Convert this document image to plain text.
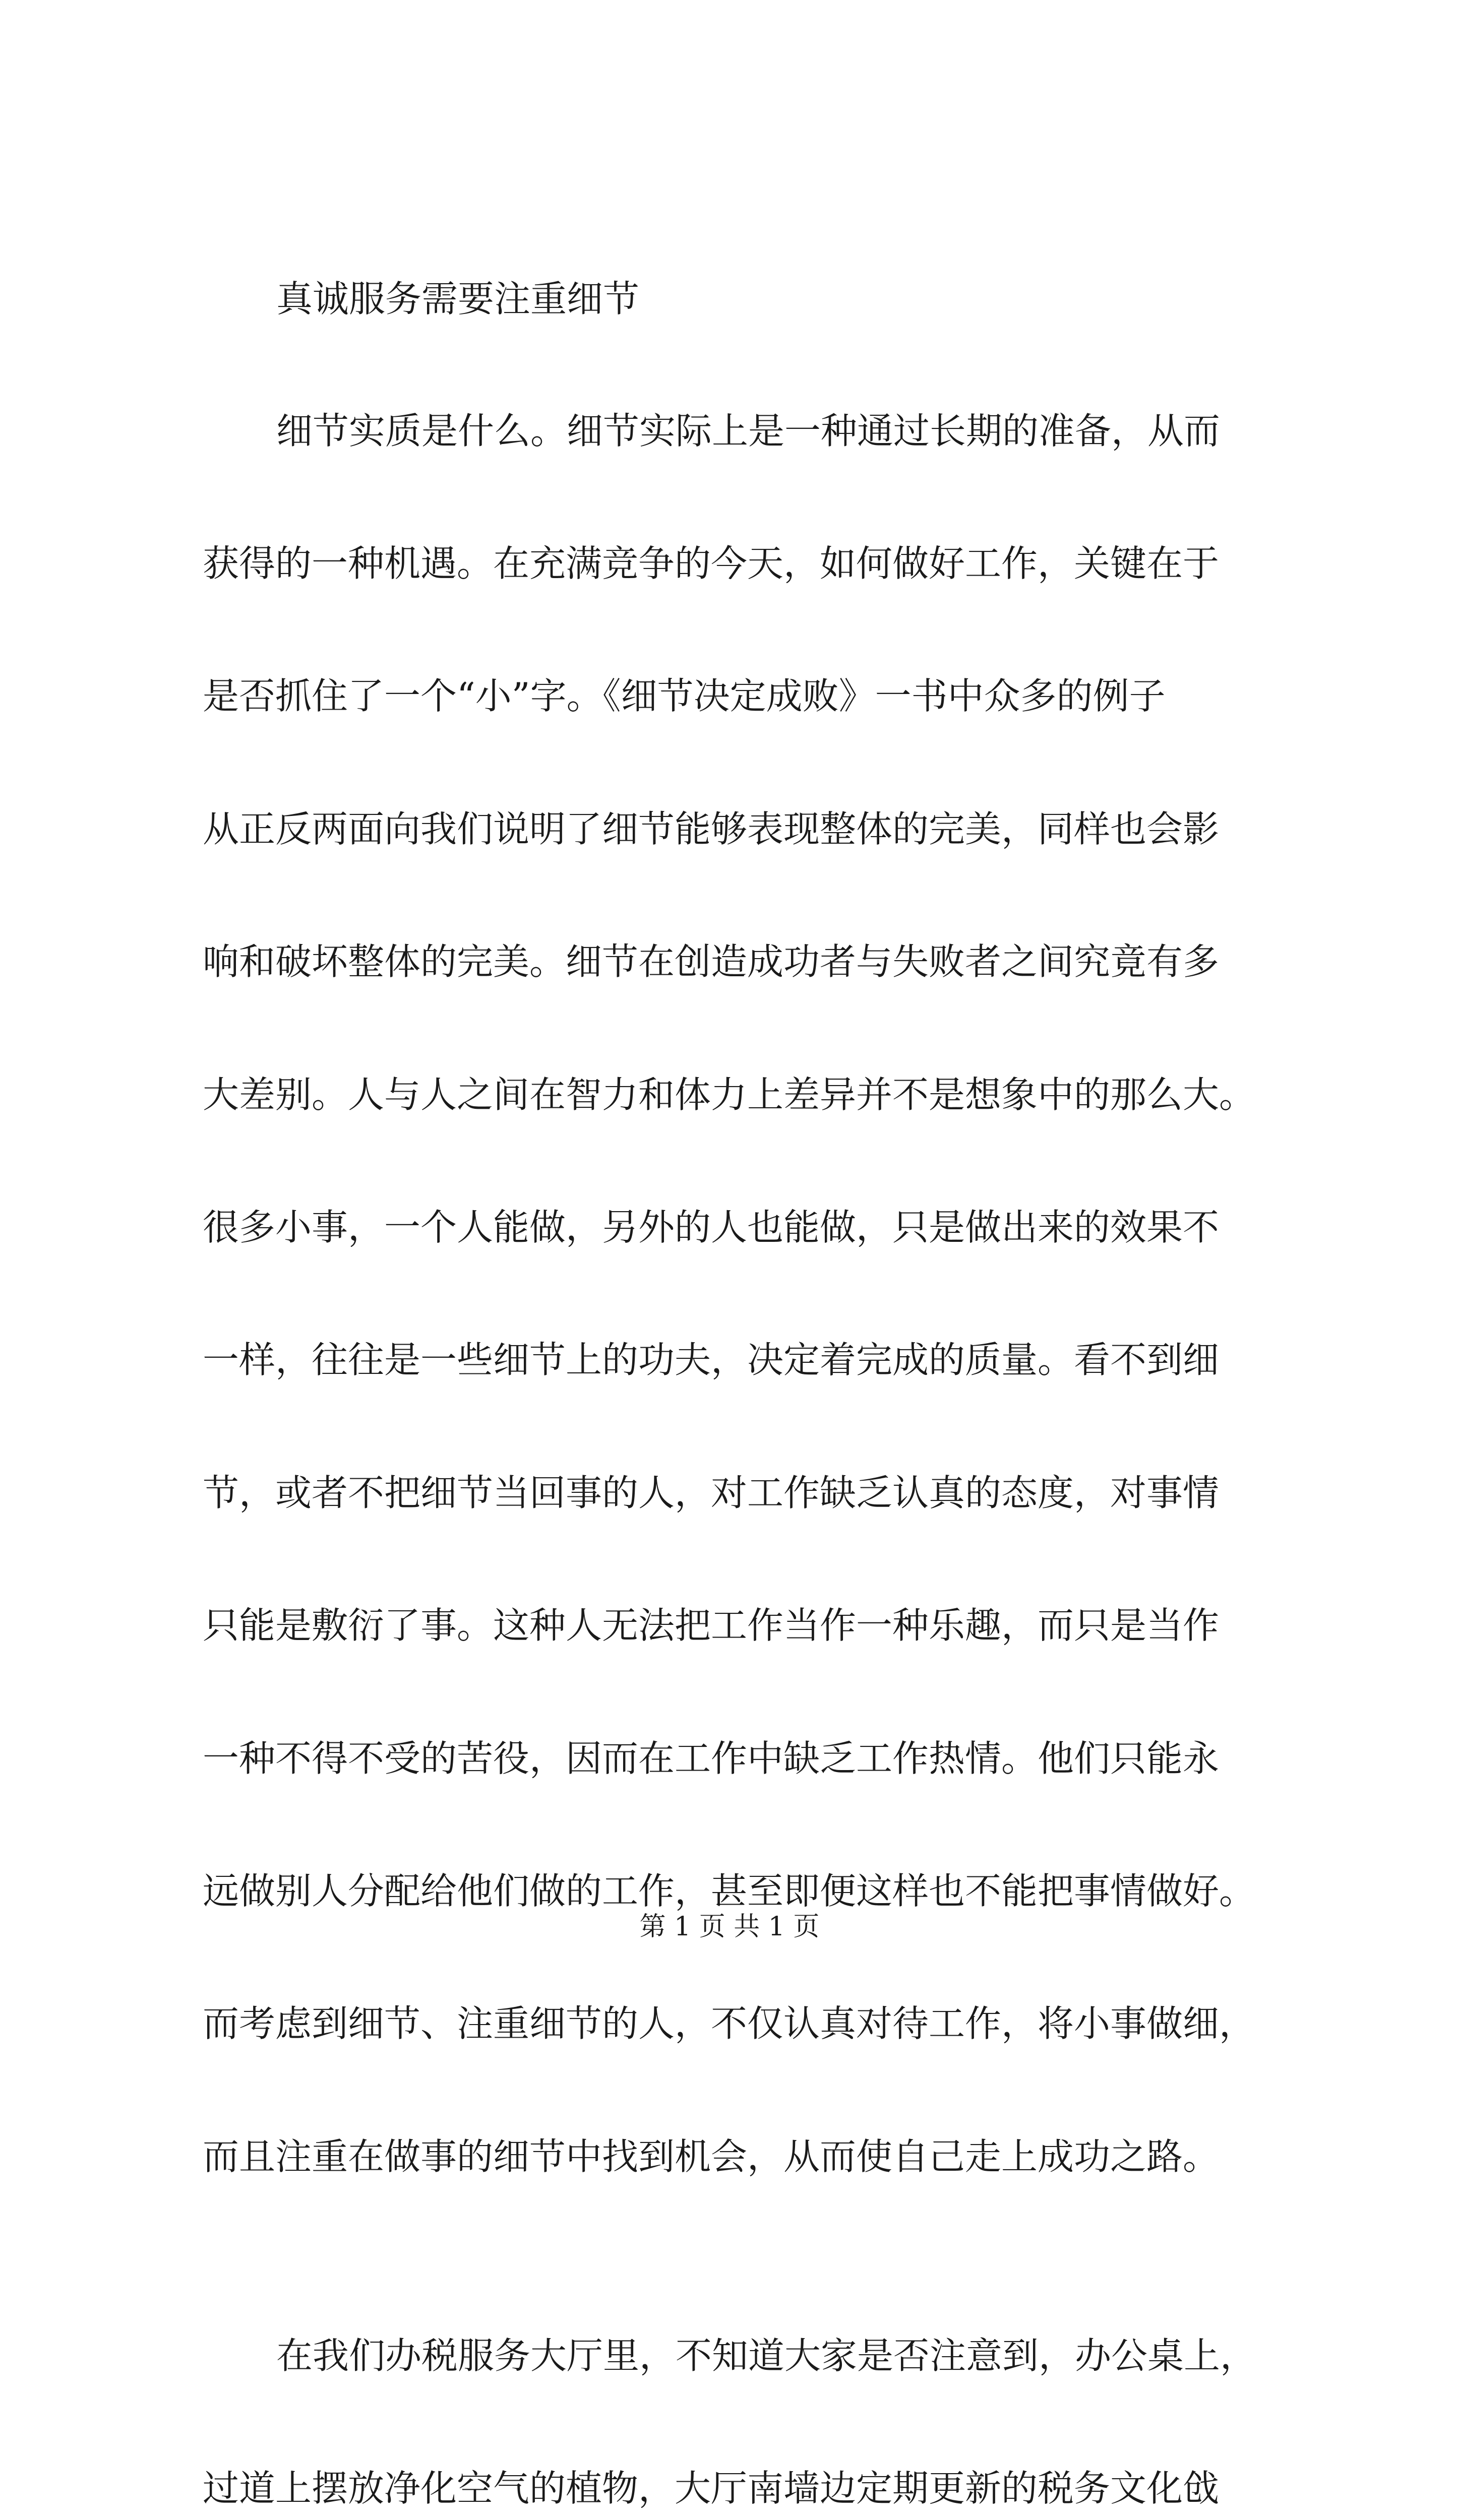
真诚服务需要注重细节

细节实质是什么。细节实际上是一种通过长期的准备，从而

获得的一种机遇。在充满竞争的今天，如何做好工作，关键在于

是否抓住了一个“小”字。《细节决定成败》一书中众多的例子

从正反两面向我们说明了细节能够表现整体的完美，同样也会影

响和破坏整体的完美。细节在创造成功者与失败者之间究竟有多

大差别。人与人之间在智力和体力上差异并不是想象中的那么大。

很多小事，一个人能做，另外的人也能做，只是做出来的效果不

一样，往往是一些细节上的功夫，决定着完成的质量。看不到细

节，或者不把细节当回事的人，对工作缺乏认真的态度，对事情

只能是敷衍了事。这种人无法把工作当作一种乐趣，而只是当作

一种不得不受的苦役，因而在工作中缺乏工作热情。他们只能永

远做别人分配给他们做的工作，甚至即便这样也不能把事情做好。

而考虑到细节、注重细节的人，不仅认真对待工作，将小事做细，

而且注重在做事的细节中找到机会，从而使自己走上成功之路。

在我们办税服务大厅里，不知道大家是否注意到，办公桌上，

过道上摆放净化空气的植物，大厅南墙边定期更新的税务文化戗

第 1 页 共 1 页
